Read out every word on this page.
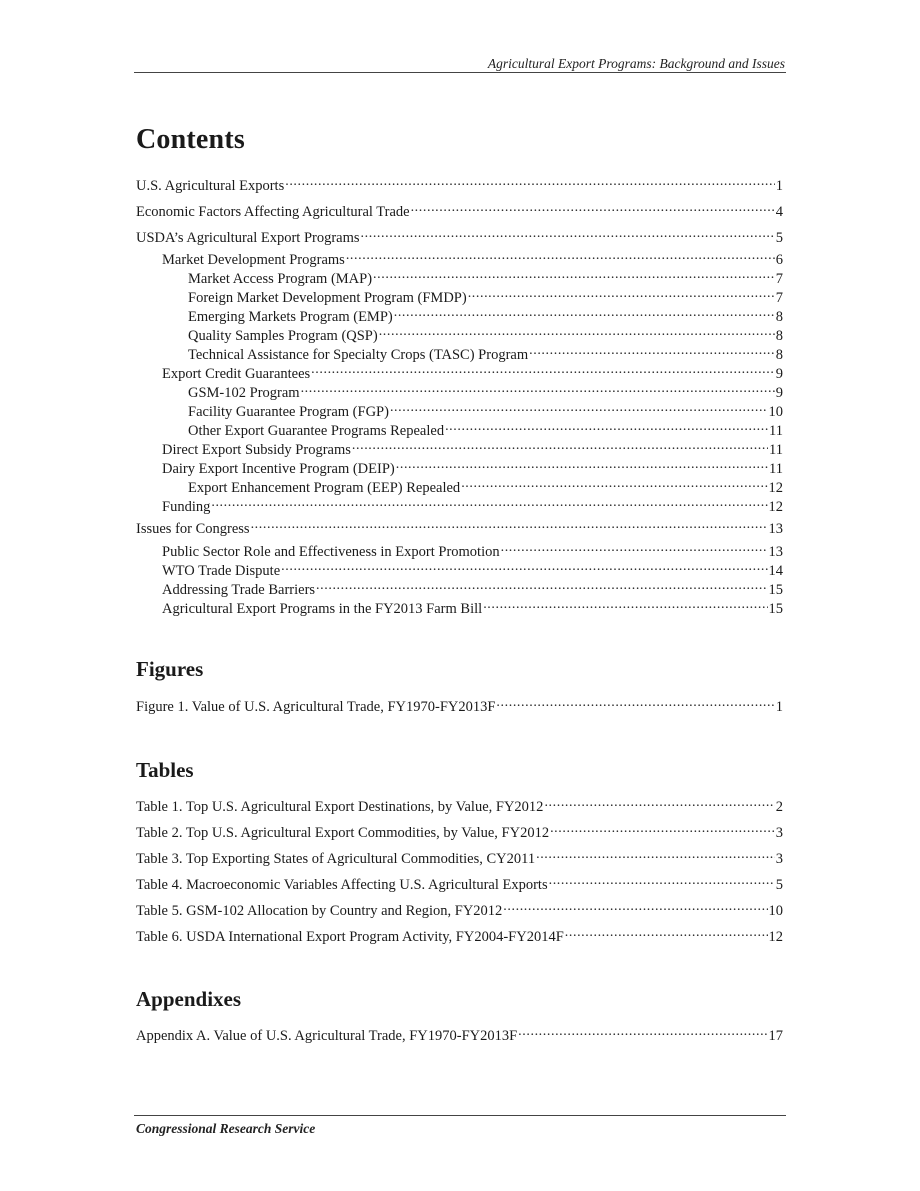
Agricultural Export Programs: Background and Issues
Contents
U.S. Agricultural Exports .....	1
Economic Factors Affecting Agricultural Trade .....	4
USDA’s Agricultural Export Programs .....	5
Market Development Programs .....	6
Market Access Program (MAP) .....	7
Foreign Market Development Program (FMDP) .....	7
Emerging Markets Program (EMP) .....	8
Quality Samples Program (QSP) .....	8
Technical Assistance for Specialty Crops (TASC) Program .....	8
Export Credit Guarantees .....	9
GSM-102 Program .....	9
Facility Guarantee Program (FGP) .....	10
Other Export Guarantee Programs Repealed .....	11
Direct Export Subsidy Programs .....	11
Dairy Export Incentive Program (DEIP) .....	11
Export Enhancement Program (EEP) Repealed .....	12
Funding .....	12
Issues for Congress .....	13
Public Sector Role and Effectiveness in Export Promotion .....	13
WTO Trade Dispute .....	14
Addressing Trade Barriers .....	15
Agricultural Export Programs in the FY2013 Farm Bill .....	15
Figures
Figure 1. Value of U.S. Agricultural Trade, FY1970-FY2013F .....	1
Tables
Table 1. Top U.S. Agricultural Export Destinations, by Value, FY2012 .....	2
Table 2. Top U.S. Agricultural Export Commodities, by Value, FY2012 .....	3
Table 3. Top Exporting States of Agricultural Commodities, CY2011 .....	3
Table 4. Macroeconomic Variables Affecting U.S. Agricultural Exports .....	5
Table 5. GSM-102 Allocation by Country and Region, FY2012 .....	10
Table 6. USDA International Export Program Activity, FY2004-FY2014F .....	12
Appendixes
Appendix A. Value of U.S. Agricultural Trade, FY1970-FY2013F .....	17
Congressional Research Service
